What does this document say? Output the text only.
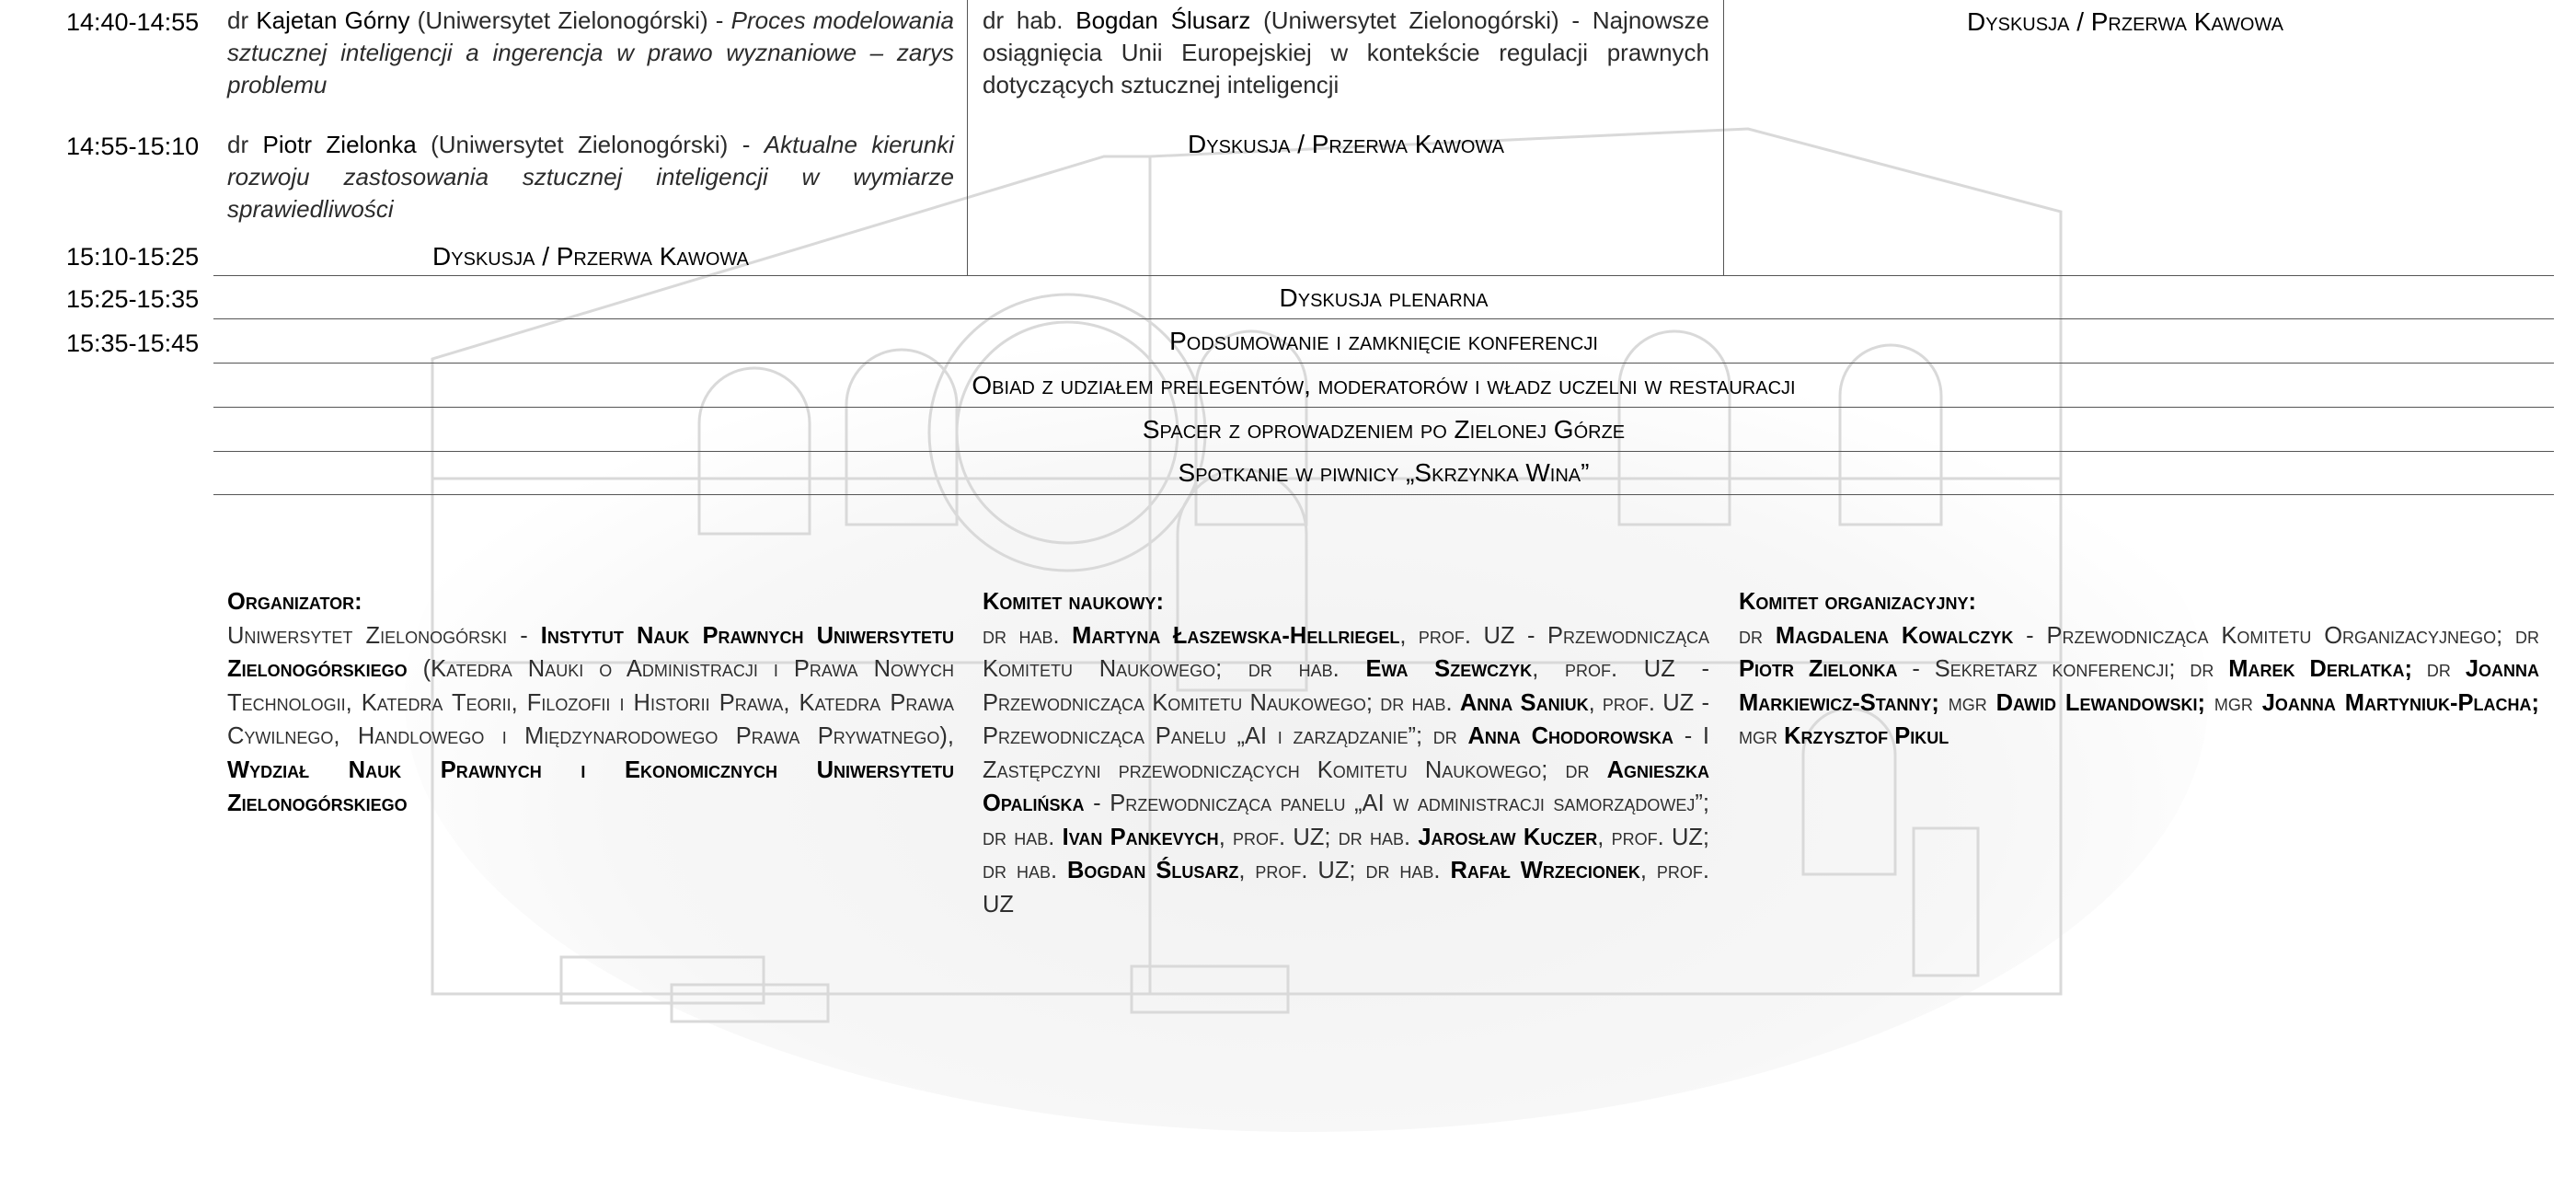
14:40-14:55
14:55-15:10
15:10-15:25
15:25-15:35
15:35-15:45
dr Kajetan Górny (Uniwersytet Zielonogórski) - Proces modelowania sztucznej inteligencji a ingerencja w prawo wyznaniowe – zarys problemu
dr Piotr Zielonka (Uniwersytet Zielonogórski) - Aktualne kierunki rozwoju zastosowania sztucznej inteligencji w wymiarze sprawiedliwości
Dyskusja / Przerwa Kawowa
dr hab. Bogdan Ślusarz (Uniwersytet Zielonogórski) - Najnowsze osiągnięcia Unii Europejskiej w kontekście regulacji prawnych dotyczących sztucznej inteligencji
Dyskusja / Przerwa Kawowa
Dyskusja / Przerwa Kawowa
Dyskusja plenarna
Podsumowanie i zamknięcie konferencji
Obiad z udziałem prelegentów, moderatorów i władz uczelni w restauracji
Spacer z oprowadzeniem po Zielonej Górze
Spotkanie w piwnicy „Skrzynka Wina”
Organizator:
Uniwersytet Zielonogórski - Instytut Nauk Prawnych Uniwersytetu Zielonogórskiego (Katedra Nauki o Administracji i Prawa Nowych Technologii, Katedra Teorii, Filozofii i Historii Prawa, Katedra Prawa Cywilnego, Handlowego i Międzynarodowego Prawa Prywatnego), Wydział Nauk Prawnych i Ekonomicznych Uniwersytetu Zielonogórskiego
Komitet naukowy:
dr hab. Martyna Łaszewska-Hellriegel, prof. UZ - Przewodnicząca Komitetu Naukowego; dr hab. Ewa Szewczyk, prof. UZ - Przewodnicząca Komitetu Naukowego; dr hab. Anna Saniuk, prof. UZ - Przewodnicząca Panelu „AI i zarządzanie”; dr Anna Chodorowska - I Zastępczyni przewodniczących Komitetu Naukowego; dr Agnieszka Opalińska - Przewodnicząca panelu „AI w administracji samorządowej”; dr hab. Ivan Pankevych, prof. UZ; dr hab. Jarosław Kuczer, prof. UZ; dr hab. Bogdan Ślusarz, prof. UZ; dr hab. Rafał Wrzecionek, prof. UZ
Komitet organizacyjny:
dr Magdalena Kowalczyk - Przewodnicząca Komitetu Organizacyjnego; dr Piotr Zielonka - Sekretarz konferencji; dr Marek Derlatka; dr Joanna Markiewicz-Stanny; mgr Dawid Lewandowski; mgr Joanna Martyniuk-Placha; mgr Krzysztof Pikul
